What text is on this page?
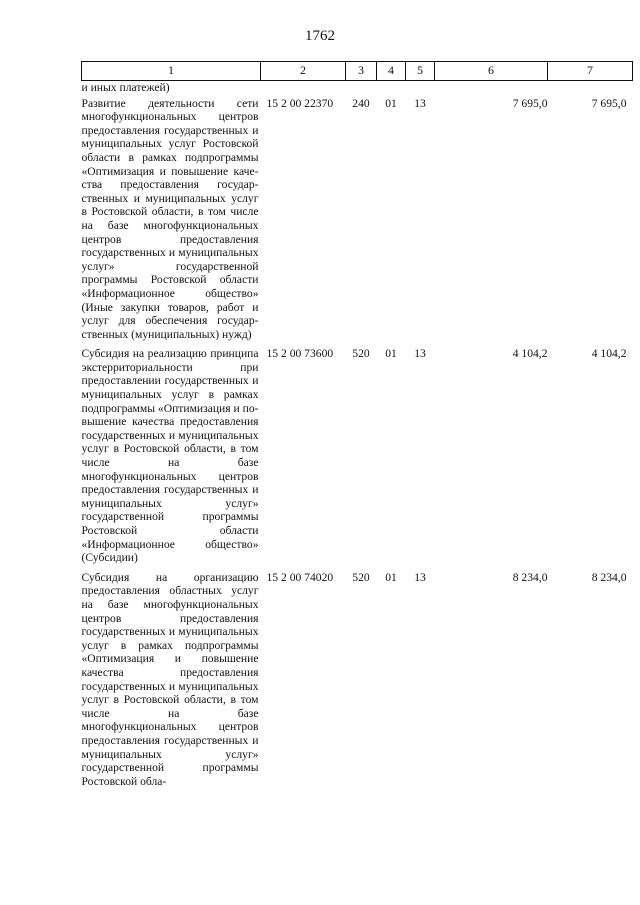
1762
1	2	3	4	5	6	7
и иных платежей)						
Развитие деятельности сети многофункциональных центров предоставления государственных и муниципальных услуг Ростовской области в рамках подпрограммы «Оптимизация и повышение качества предоставления государственных и муниципальных услуг в Ростовской области, в том числе на базе многофункциональных центров предоставления государственных и муниципальных услуг» государственной программы Ростовской области «Информационное общество» (Иные закупки товаров, работ и услуг для обеспечения государственных (муниципальных) нужд)	15 2 00 22370	240	01	13	7 695,0	7 695,0
Субсидия на реализацию принципа экстерриториальности при предоставлении государственных и муниципальных услуг в рамках подпрограммы «Оптимизация и повышение качества предоставления государственных и муниципальных услуг в Ростовской области, в том числе на базе многофункциональных центров предоставления государственных и муниципальных услуг» государственной программы Ростовской области «Информационное общество» (Субсидии)	15 2 00 73600	520	01	13	4 104,2	4 104,2
Субсидия на организацию предоставления областных услуг на базе многофункциональных центров предоставления государственных и муниципальных услуг в рамках подпрограммы «Оптимизация и повышение качества предоставления государственных и муниципальных услуг в Ростовской области, в том числе на базе многофункциональных центров предоставления государственных и муниципальных услуг» государственной программы Ростовской обла-	15 2 00 74020	520	01	13	8 234,0	8 234,0
